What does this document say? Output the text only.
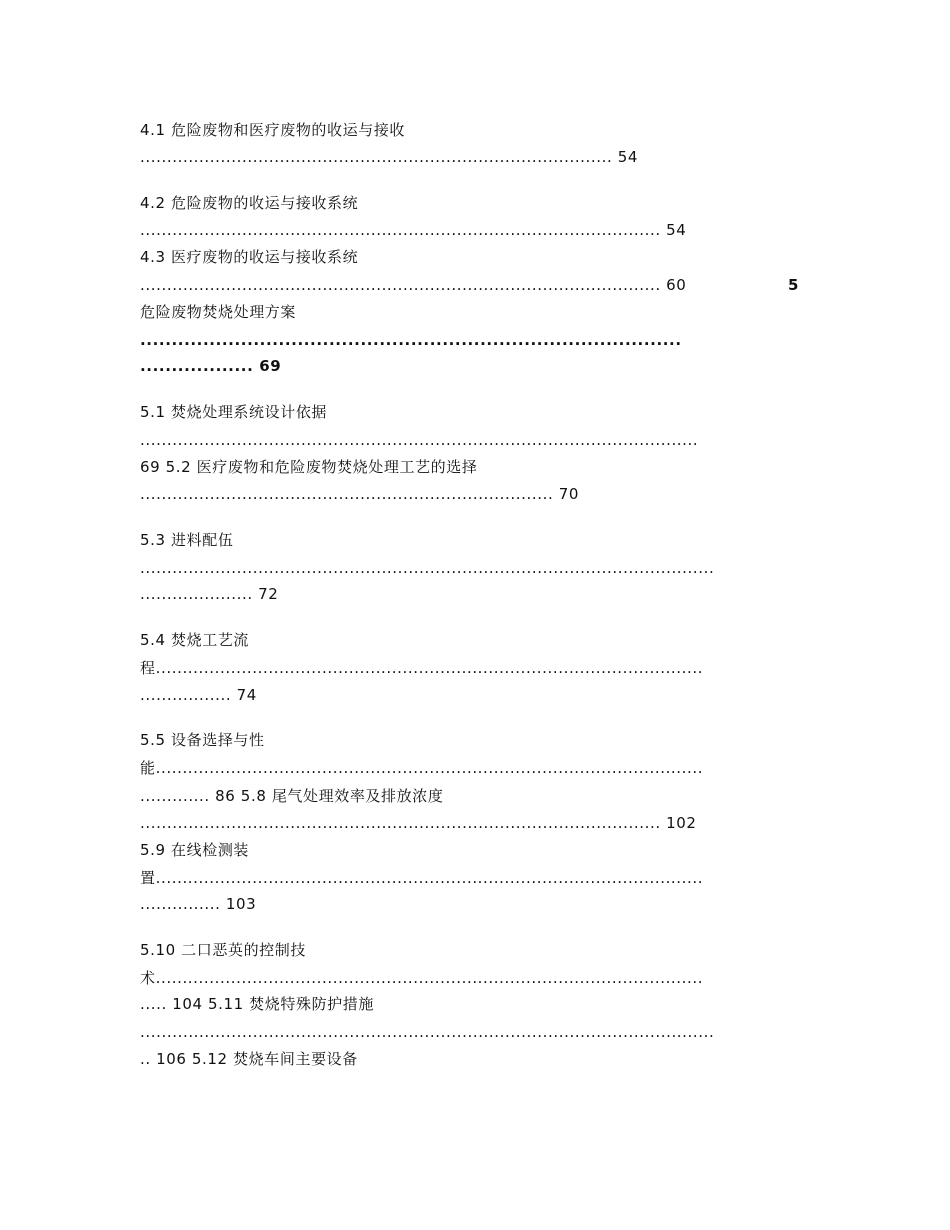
4.1 危险废物和医疗废物的收运与接收
........................................................................................ 54
4.2 危险废物的收运与接收系统
................................................................................................. 54
4.3 医疗废物的收运与接收系统
................................................................................................. 60	5
危险废物焚烧处理方案
......................................................................................
.................. 69
5.1 焚烧处理系统设计依据
........................................................................................................
69 5.2 医疗废物和危险废物焚烧处理工艺的选择
............................................................................. 70
5.3 进料配伍
...........................................................................................................
..................... 72
5.4 焚烧工艺流
程......................................................................................................
................. 74
5.5 设备选择与性
能......................................................................................................
............. 86 5.8 尾气处理效率及排放浓度
................................................................................................. 102
5.9 在线检测装
置......................................................................................................
............... 103
5.10 二口恶英的控制技
术......................................................................................................
..... 104 5.11 焚烧特殊防护措施
...........................................................................................................
.. 106 5.12 焚烧车间主要设备
